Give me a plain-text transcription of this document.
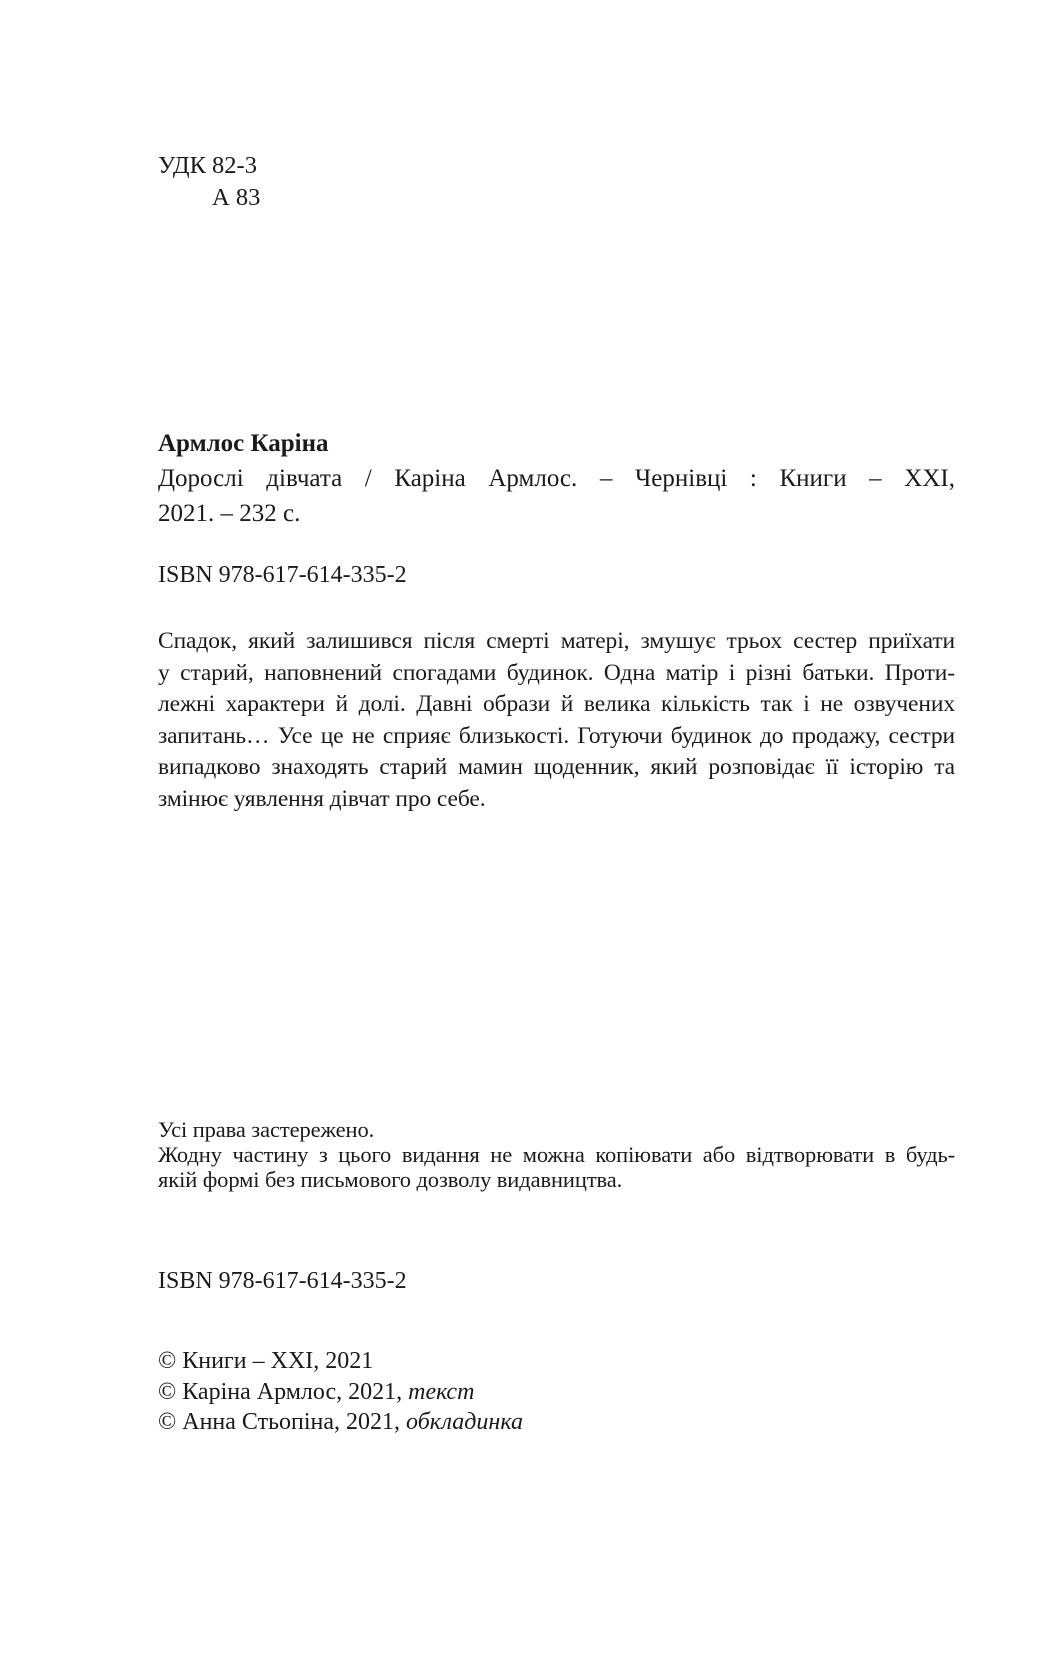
УДК 82-3
А 83
Армлос Каріна
Дорослі дівчата / Каріна Армлос. – Чернівці : Книги – XXI,
2021. – 232 с.
ISBN 978-617-614-335-2
Спадок, який залишився після смерті матері, змушує трьох сестер приїхати
у старий, наповнений спогадами будинок. Одна матір і різні батьки. Проти-
лежні характери й долі. Давні образи й велика кількість так і не озвучених
запитань… Усе це не сприяє близькості. Готуючи будинок до продажу, сестри
випадково знаходять старий мамин щоденник, який розповідає її історію та
змінює уявлення дівчат про себе.
Усі права застережено.
Жодну частину з цього видання не можна копіювати або відтворювати в будь-
якій формі без письмового дозволу видавництва.
ISBN 978-617-614-335-2
© Книги – XXI, 2021
© Каріна Армлос, 2021, текст
© Анна Стьопіна, 2021, обкладинка
